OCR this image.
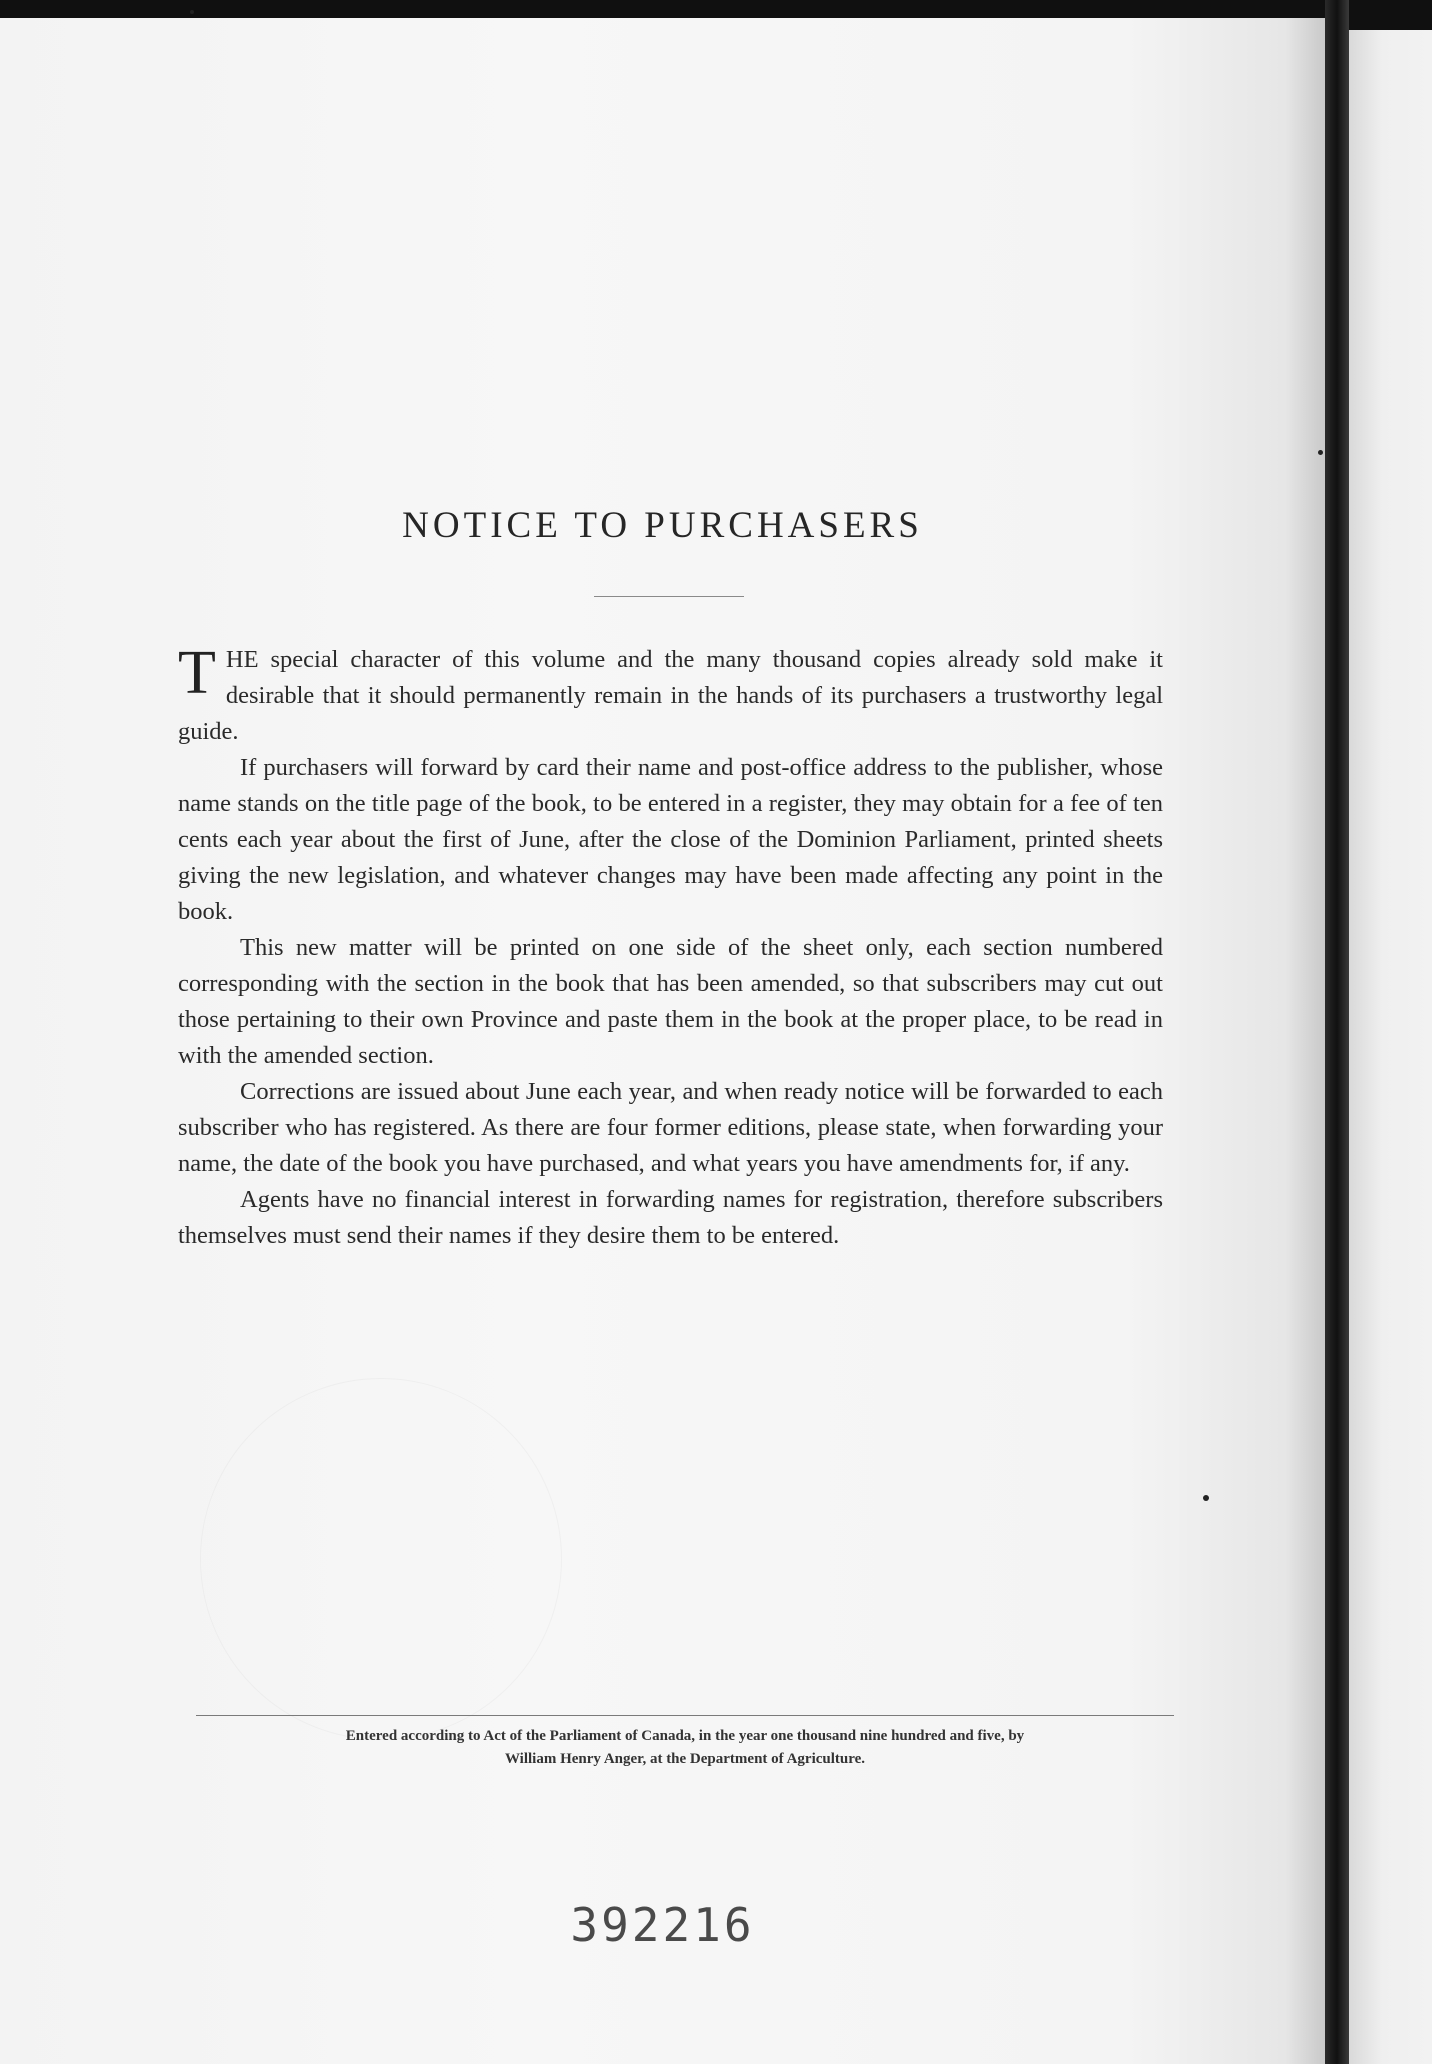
NOTICE TO PURCHASERS

THE special character of this volume and the many thousand copies already sold make it desirable that it should permanently remain in the hands of its purchasers a trustworthy legal guide.

If purchasers will forward by card their name and post-office address to the publisher, whose name stands on the title page of the book, to be entered in a register, they may obtain for a fee of ten cents each year about the first of June, after the close of the Dominion Parliament, printed sheets giving the new legislation, and whatever changes may have been made affecting any point in the book.

This new matter will be printed on one side of the sheet only, each section numbered corresponding with the section in the book that has been amended, so that subscribers may cut out those pertaining to their own Province and paste them in the book at the proper place, to be read in with the amended section.

Corrections are issued about June each year, and when ready notice will be forwarded to each subscriber who has registered. As there are four former editions, please state, when forwarding your name, the date of the book you have purchased, and what years you have amendments for, if any.

Agents have no financial interest in forwarding names for registration, therefore subscribers themselves must send their names if they desire them to be entered.

Entered according to Act of the Parliament of Canada, in the year one thousand nine hundred and five, by
William Henry Anger, at the Department of Agriculture.
392216
